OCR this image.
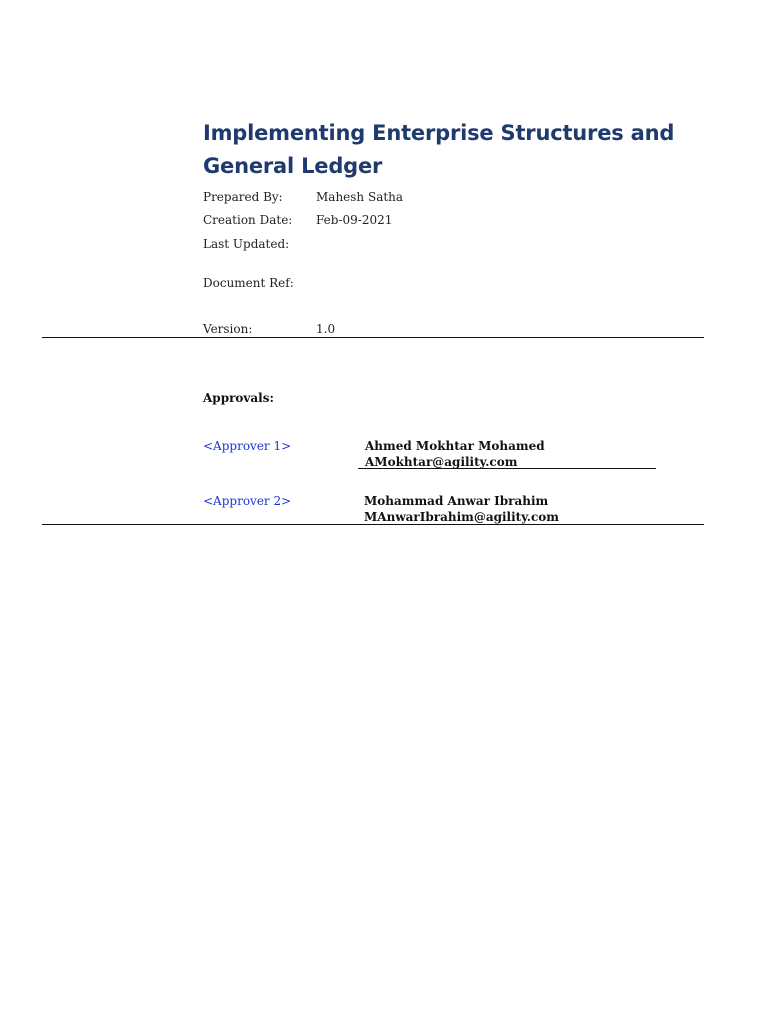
Implementing Enterprise Structures and
General Ledger
Prepared By:	Mahesh Satha
Creation Date: Feb-09-2021
Last Updated:
Document Ref:
Version:	1.0
Approvals:
<Approver 1>	Ahmed Mokhtar Mohamed
AMokhtar@agility.com
<Approver 2>	Mohammad Anwar Ibrahim
MAnwarIbrahim@agility.com
